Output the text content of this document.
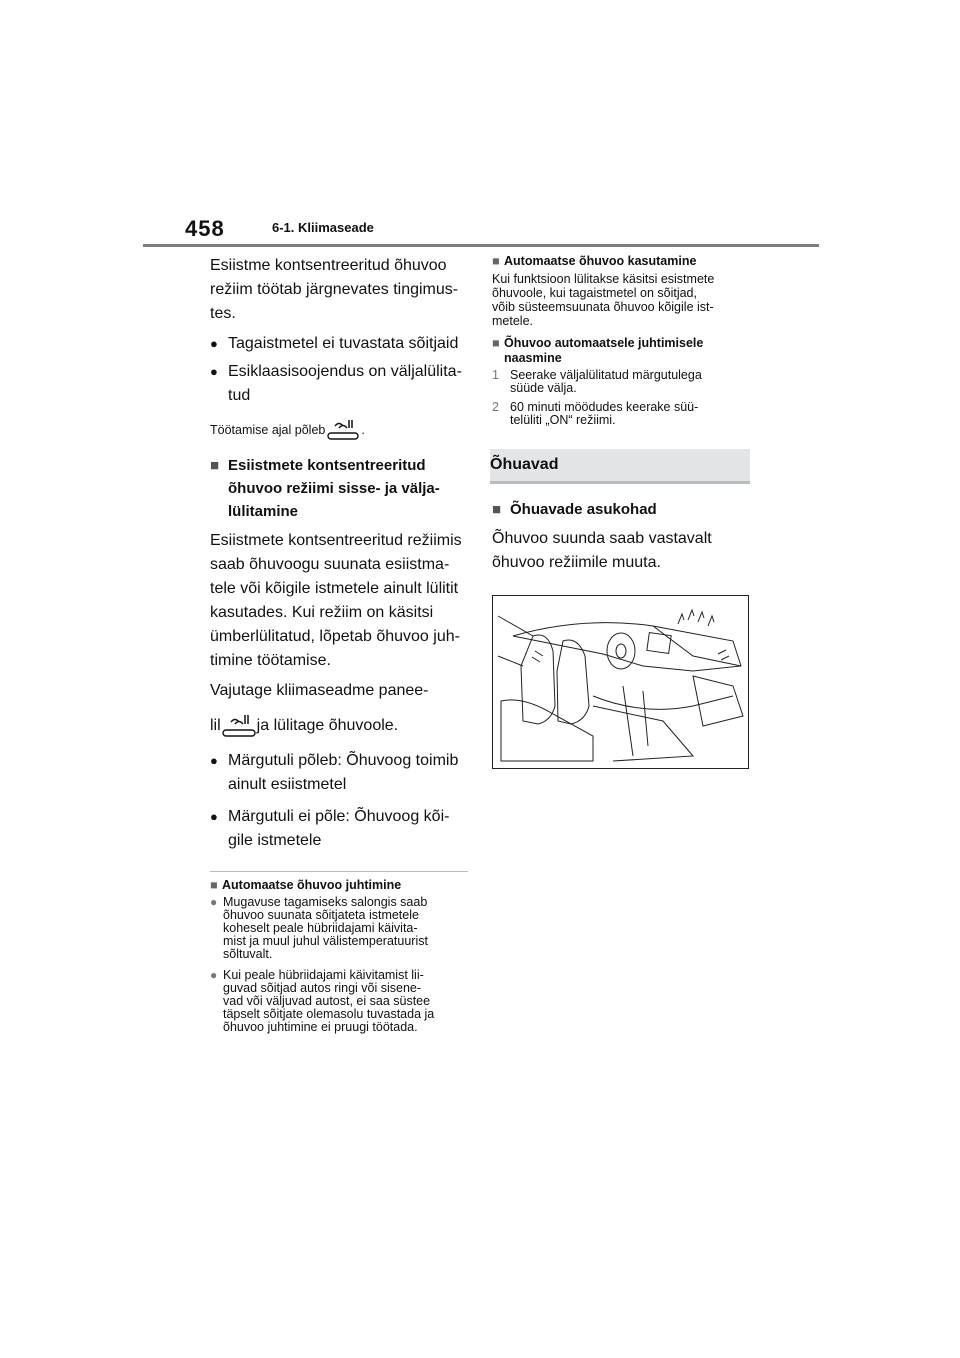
458	6-1. Kliimaseade

Esiistme kontsentreeritud õhuvoo
režiim töötab järgnevates tingimus-
tes.

● Tagaistmetel ei tuvastata sõitjaid
● Esiklaasisoojendus on väljalülita-
tud
Töötamise ajal põleb	.
■ Esiistmete kontsentreeritud
õhuvoo režiimi sisse- ja välja-
lülitamine

Esiistmete kontsentreeritud režiimis
saab õhuvoogu suunata esiistma-
tele või kõigile istmetele ainult lülitit
kasutades. Kui režiim on käsitsi
ümberlülitatud, lõpetab õhuvoo juh-
timine töötamise.

Vajutage kliimaseadme panee-

lil ja lülitage õhuvoole.

● Märgutuli põleb: Õhuvoog toimib
ainult esiistmetel
● Märgutuli ei põle: Õhuvoog kõi-
gile istmetele
■ Automaatse õhuvoo juhtimine
● Mugavuse tagamiseks salongis saab
õhuvoo suunata sõitjateta istmetele
koheselt peale hübriidajami käivita-
mist ja muul juhul välistemperatuurist
sõltuvalt.
● Kui peale hübriidajami käivitamist lii-
guvad sõitjad autos ringi või sisene-
vad või väljuvad autost, ei saa süstee
täpselt sõitjate olemasolu tuvastada ja
õhuvoo juhtimine ei pruugi töötada.
■ Automaatse õhuvoo kasutamine

Kui funktsioon lülitakse käsitsi esistmete
õhuvoole, kui tagaistmetel on sõitjad,
võib süsteemsuunata õhuvoo kõigile ist-
metele.

■ Õhuvoo automaatsele juhtimisele
naasmine
1 Seerake väljalülitatud märgutulega
süüde välja.
2 60 minuti möödudes keerake süü-
telüliti „ON“ režiimi.
Õhuavad
■ Õhuavade asukohad

Õhuvoo suunda saab vastavalt
õhuvoo režiimile muuta.
